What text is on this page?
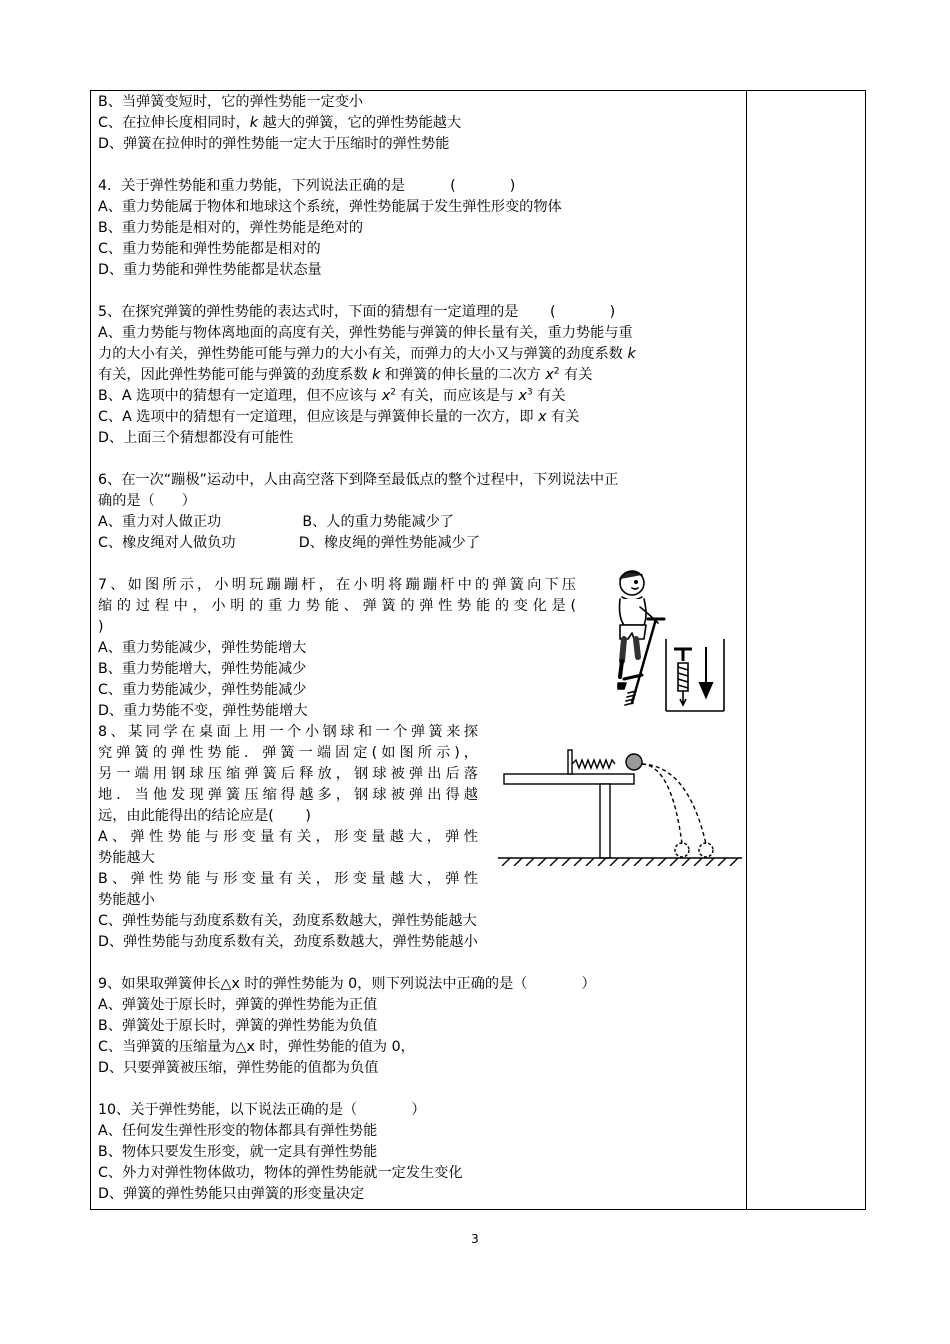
B、当弹簧变短时，它的弹性势能一定变小
C、在拉伸长度相同时，k 越大的弹簧，它的弹性势能越大
D、弹簧在拉伸时的弹性势能一定大于压缩时的弹性势能
4．关于弹性势能和重力势能，下列说法正确的是          (            )
A、重力势能属于物体和地球这个系统，弹性势能属于发生弹性形变的物体
B、重力势能是相对的，弹性势能是绝对的
C、重力势能和弹性势能都是相对的
D、重力势能和弹性势能都是状态量
5、在探究弹簧的弹性势能的表达式时，下面的猜想有一定道理的是       (            )
A、重力势能与物体离地面的高度有关，弹性势能与弹簧的伸长量有关，重力势能与重
力的大小有关，弹性势能可能与弹力的大小有关，而弹力的大小又与弹簧的劲度系数 k
有关，因此弹性势能可能与弹簧的劲度系数 k 和弹簧的伸长量的二次方 $x^2$ 有关
B、A 选项中的猜想有一定道理，但不应该与 $x^2$ 有关，而应该是与 $x^3$ 有关
C、A 选项中的猜想有一定道理，但应该是与弹簧伸长量的一次方，即 x 有关
D、上面三个猜想都没有可能性
6、在一次“蹦极”运动中，人由高空落下到降至最低点的整个过程中，下列说法中正
确的是（      ）
A、重力对人做正功                  B、人的重力势能减少了
C、橡皮绳对人做负功              D、橡皮绳的弹性势能减少了
7、如图所示，小明玩蹦蹦杆，在小明将蹦蹦杆中的弹簧向下压
缩的过程中，小明的重力势能、弹簧的弹性势能的变化是(
)
A、重力势能减少，弹性势能增大
B、重力势能增大，弹性势能减少
C、重力势能减少，弹性势能减少
D、重力势能不变，弹性势能增大
8、某同学在桌面上用一个小钢球和一个弹簧来探
究弹簧的弹性势能．弹簧一端固定(如图所示)，
另一端用钢球压缩弹簧后释放，钢球被弹出后落
地．当他发现弹簧压缩得越多，钢球被弹出得越
远，由此能得出的结论应是(       )
A、弹性势能与形变量有关，形变量越大，弹性
势能越大
B、弹性势能与形变量有关，形变量越大，弹性
势能越小
C、弹性势能与劲度系数有关，劲度系数越大，弹性势能越大
D、弹性势能与劲度系数有关，劲度系数越大，弹性势能越小
9、如果取弹簧伸长△x 时的弹性势能为 0，则下列说法中正确的是（            ）
A、弹簧处于原长时，弹簧的弹性势能为正值
B、弹簧处于原长时，弹簧的弹性势能为负值
C、当弹簧的压缩量为△x 时，弹性势能的值为 0，
D、只要弹簧被压缩，弹性势能的值都为负值
10、关于弹性势能，以下说法正确的是（            ）
A、任何发生弹性形变的物体都具有弹性势能
B、物体只要发生形变，就一定具有弹性势能
C、外力对弹性物体做功，物体的弹性势能就一定发生变化
D、弹簧的弹性势能只由弹簧的形变量决定
3
